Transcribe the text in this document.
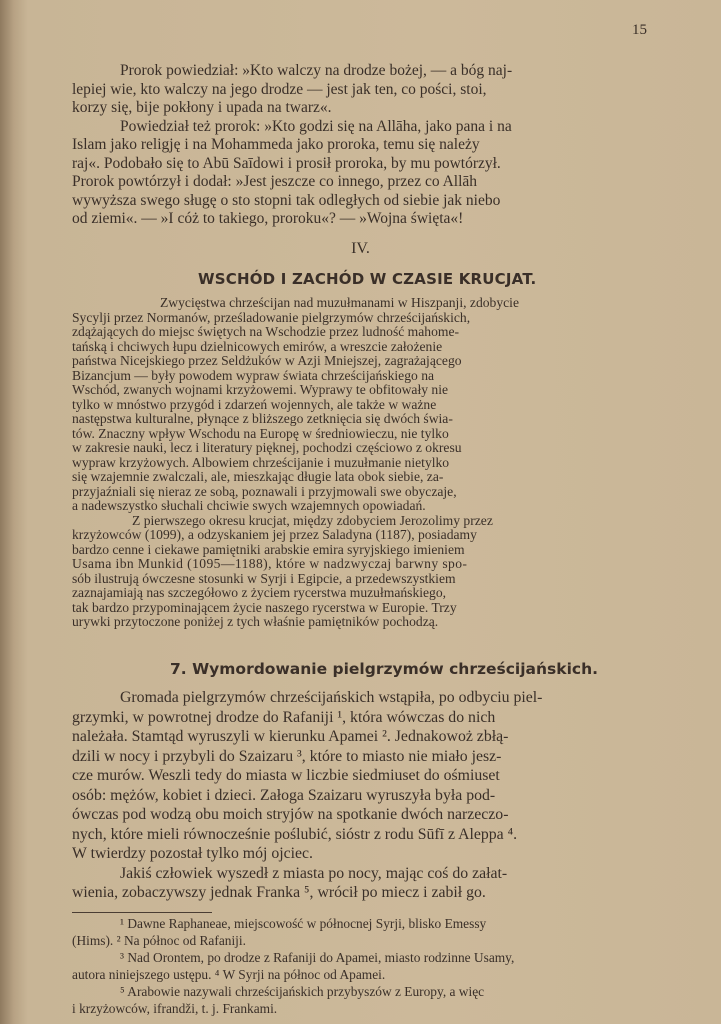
15
Prorok powiedział: »Kto walczy na drodze bożej, — a bóg naj-
lepiej wie, kto walczy na jego drodze — jest jak ten, co pości, stoi,
korzy się, bije pokłony i upada na twarz«.
Powiedział też prorok: »Kto godzi się na Allāha, jako pana i na
Islam jako religję i na Mohammeda jako proroka, temu się należy
raj«. Podobało się to Abū Saīdowi i prosił proroka, by mu powtórzył.
Prorok powtórzył i dodał: »Jest jeszcze co innego, przez co Allāh
wywyższa swego sługę o sto stopni tak odległych od siebie jak niebo
od ziemi«. — »I cóż to takiego, proroku«? — »Wojna święta«!
IV.
WSCHÓD I ZACHÓD W CZASIE KRUCJAT.
Zwycięstwa chrześcijan nad muzułmanami w Hiszpanji, zdobycie
Sycylji przez Normanów, prześladowanie pielgrzymów chrześcijańskich,
zdążających do miejsc świętych na Wschodzie przez ludność mahome-
tańską i chciwych łupu dzielnicowych emirów, a wreszcie założenie
państwa Nicejskiego przez Seldżuków w Azji Mniejszej, zagrażającego
Bizancjum — były powodem wypraw świata chrześcijańskiego na
Wschód, zwanych wojnami krzyżowemi. Wyprawy te obfitowały nie
tylko w mnóstwo przygód i zdarzeń wojennych, ale także w ważne
następstwa kulturalne, płynące z bliższego zetknięcia się dwóch świa-
tów. Znaczny wpływ Wschodu na Europę w średniowieczu, nie tylko
w zakresie nauki, lecz i literatury pięknej, pochodzi częściowo z okresu
wypraw krzyżowych. Albowiem chrześcijanie i muzułmanie nietylko
się wzajemnie zwalczali, ale, mieszkając długie lata obok siebie, za-
przyjaźniali się nieraz ze sobą, poznawali i przyjmowali swe obyczaje,
a nadewszystko słuchali chciwie swych wzajemnych opowiadań.
Z pierwszego okresu krucjat, między zdobyciem Jerozolimy przez
krzyżowców (1099), a odzyskaniem jej przez Saladyna (1187), posiadamy
bardzo cenne i ciekawe pamiętniki arabskie emira syryjskiego imieniem
Usama ibn Munkid (1095—1188), które w nadzwyczaj barwny spo-
sób ilustrują ówczesne stosunki w Syrji i Egipcie, a przedewszystkiem
zaznajamiają nas szczegółowo z życiem rycerstwa muzułmańskiego,
tak bardzo przypominającem życie naszego rycerstwa w Europie. Trzy
urywki przytoczone poniżej z tych właśnie pamiętników pochodzą.
7. Wymordowanie pielgrzymów chrześcijańskich.
Gromada pielgrzymów chrześcijańskich wstąpiła, po odbyciu piel-
grzymki, w powrotnej drodze do Rafaniji ¹, która wówczas do nich
należała. Stamtąd wyruszyli w kierunku Apamei ². Jednakowoż zbłą-
dzili w nocy i przybyli do Szaizaru ³, które to miasto nie miało jesz-
cze murów. Weszli tedy do miasta w liczbie siedmiuset do ośmiuset
osób: mężów, kobiet i dzieci. Załoga Szaizaru wyruszyła była pod-
ówczas pod wodzą obu moich stryjów na spotkanie dwóch narzeczo-
nych, które mieli równocześnie poślubić, sióstr z rodu Sūfī z Aleppa ⁴.
W twierdzy pozostał tylko mój ojciec.
Jakiś człowiek wyszedł z miasta po nocy, mając coś do załat-
wienia, zobaczywszy jednak Franka ⁵, wrócił po miecz i zabił go.
¹ Dawne Raphaneae, miejscowość w północnej Syrji, blisko Emessy
(Hims). ² Na północ od Rafaniji.
³ Nad Orontem, po drodze z Rafaniji do Apamei, miasto rodzinne Usamy,
autora niniejszego ustępu. ⁴ W Syrji na północ od Apamei.
⁵ Arabowie nazywali chrześcijańskich przybyszów z Europy, a więc
i krzyżowców, ifrandži, t. j. Frankami.
